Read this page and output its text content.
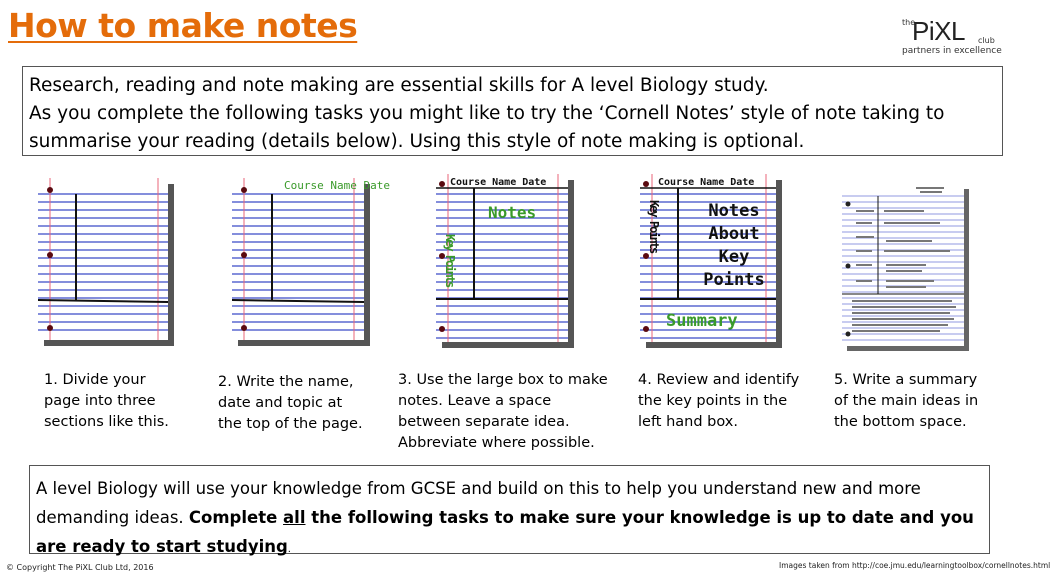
How to make notes	the
PiXL club
partners in excellence

Research, reading and note making are essential skills for A level Biology study.

As you complete the following tasks you might like to try the ‘Cornell Notes’ style of note taking to

summarise your reading (details below). Using this style of note making is optional.

Course Name Date	Course Name Date
Notes
Key Points
Course Name Date
Notes About Key Points
Key Points
Summary
1. Divide your page into three sections like this.
2. Write the name, date and topic at the top of the page.
3. Use the large box to make notes. Leave a space between separate idea. Abbreviate where possible.
4. Review and identify the key points in the left hand box.
5. Write a summary of the main ideas in the bottom space.

A level Biology will use your knowledge from GCSE and build on this to help you understand new and more demanding ideas. Complete all the following tasks to make sure your knowledge is up to date and you are ready to start studying.

© Copyright The PiXL Club Ltd, 2016	Images taken from http://coe.jmu.edu/learningtoolbox/cornellnotes.html
